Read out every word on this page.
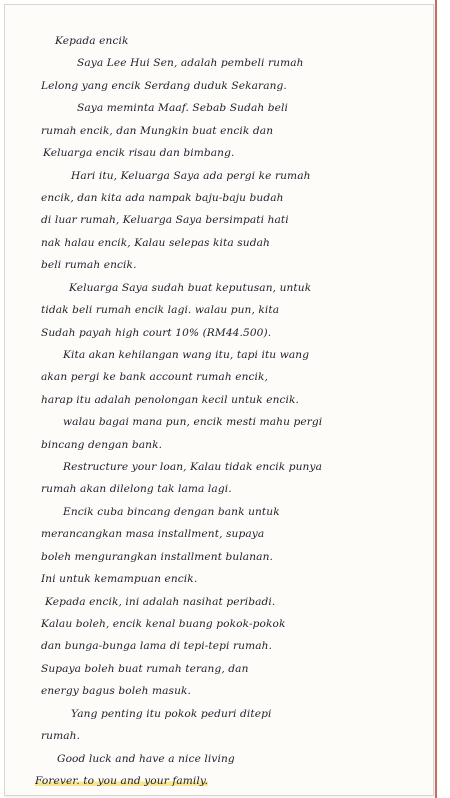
Kepada encik
Saya Lee Hui Sen, adalah pembeli rumah
Lelong yang encik Serdang duduk Sekarang.
Saya meminta Maaf. Sebab Sudah beli
rumah encik, dan Mungkin buat encik dan
Keluarga encik risau dan bimbang.
Hari itu, Keluarga Saya ada pergi ke rumah
encik, dan kita ada nampak baju-baju budah
di luar rumah, Keluarga Saya bersimpati hati
nak halau encik, Kalau selepas kita sudah
beli rumah encik.
Keluarga Saya sudah buat keputusan, untuk
tidak beli rumah encik lagi. walau pun, kita
Sudah payah high court 10% (RM44.500).
Kita akan kehilangan wang itu, tapi itu wang
akan pergi ke bank account rumah encik,
harap itu adalah penolongan kecil untuk encik.
walau bagai mana pun, encik mesti mahu pergi
bincang dengan bank.
Restructure your loan, Kalau tidak encik punya
rumah akan dilelong tak lama lagi.
Encik cuba bincang dengan bank untuk
merancangkan masa installment, supaya
boleh mengurangkan installment bulanan.
Ini untuk kemampuan encik.
Kepada encik, ini adalah nasihat peribadi.
Kalau boleh, encik kenal buang pokok-pokok
dan bunga-bunga lama di tepi-tepi rumah.
Supaya boleh buat rumah terang, dan
energy bagus boleh masuk.
Yang penting itu pokok peduri ditepi
rumah.
Good luck and have a nice living
Forever. to you and your family.
